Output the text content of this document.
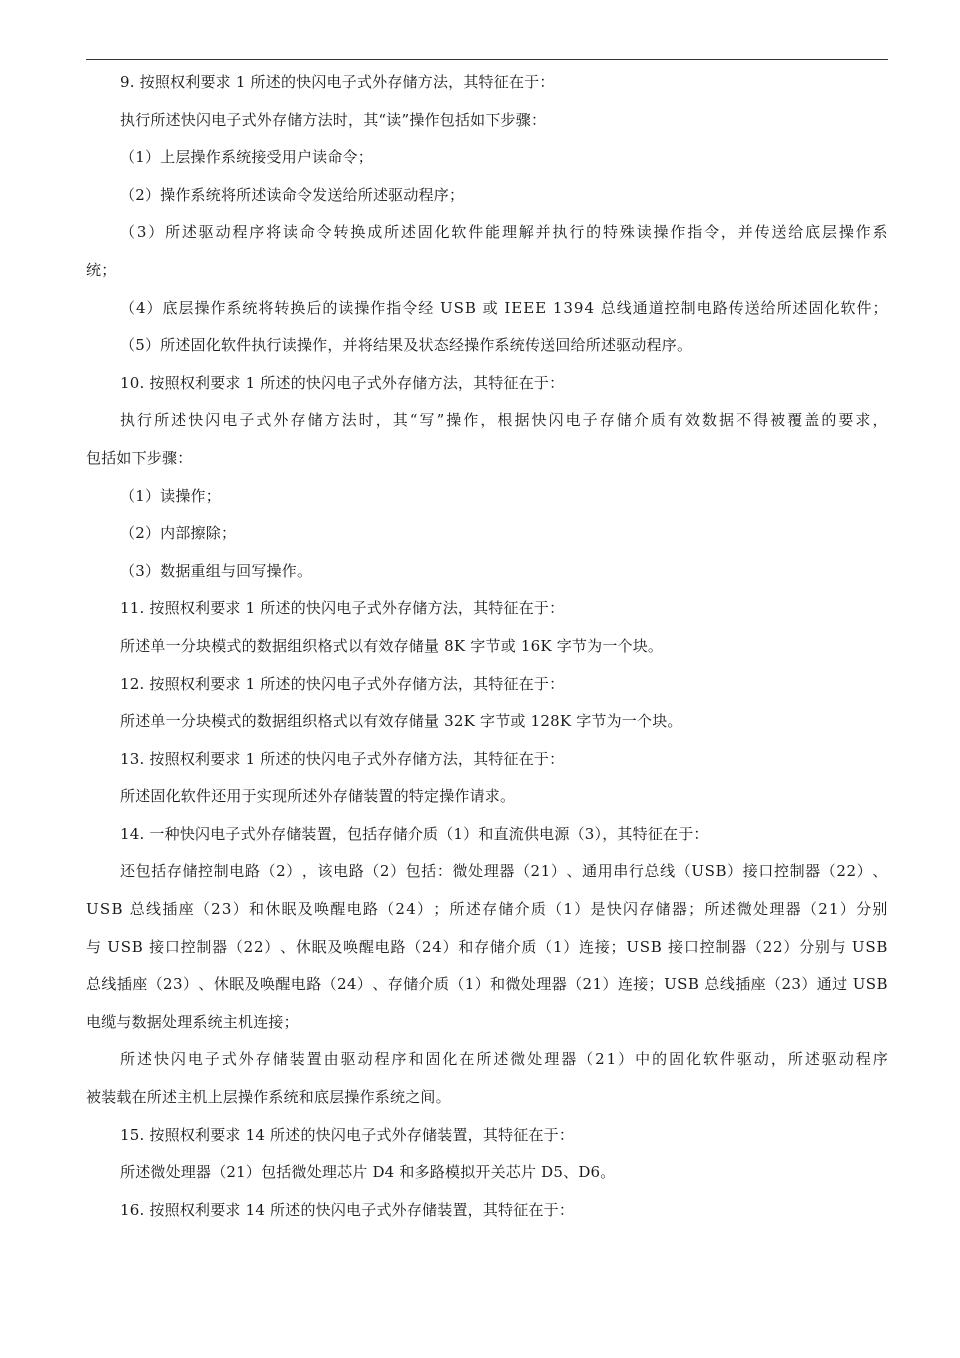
9. 按照权利要求 1 所述的快闪电子式外存储方法，其特征在于：
执行所述快闪电子式外存储方法时，其“读”操作包括如下步骤：
（1）上层操作系统接受用户读命令；
（2）操作系统将所述读命令发送给所述驱动程序；
（ 3 ） 所 述 驱 动 程 序 将 读 命 令 转 换 成 所 述 固 化 软 件 能 理 解 并 执 行 的 特 殊 读 操 作 指 令 ， 并 传 送 给 底 层 操 作 系
统；
（ 4 ） 底 层 操 作 系 统 将 转 换 后 的 读 操 作 指 令 经
U S B
或
I E E E
1 3 9 4
总 线 通 道 控 制 电 路 传 送 给 所 述 固 化 软 件 ；
（5）所述固化软件执行读操作，并将结果及状态经操作系统传送回给所述驱动程序。
10. 按照权利要求 1 所述的快闪电子式外存储方法，其特征在于：
执 行 所 述 快 闪 电 子 式 外 存 储 方 法 时 ， 其 “ 写 ” 操 作 ， 根 据 快 闪 电 子 存 储 介 质 有 效 数 据 不 得 被 覆 盖 的 要 求 ，
包括如下步骤：
（1）读操作；
（2）内部擦除；
（3）数据重组与回写操作。
11. 按照权利要求 1 所述的快闪电子式外存储方法，其特征在于：
所述单一分块模式的数据组织格式以有效存储量 8K 字节或 16K 字节为一个块。
12. 按照权利要求 1 所述的快闪电子式外存储方法，其特征在于：
所述单一分块模式的数据组织格式以有效存储量 32K 字节或 128K 字节为一个块。
13. 按照权利要求 1 所述的快闪电子式外存储方法，其特征在于：
所述固化软件还用于实现所述外存储装置的特定操作请求。
14. 一种快闪电子式外存储装置，包括存储介质（1）和直流供电源（3），其特征在于：
还 包 括 存 储 控 制 电 路 （ 2 ） ， 该 电 路 （ 2 ） 包 括 ： 微 处 理 器 （ 2 1 ） 、 通 用 串 行 总 线 （ U S B ） 接 口 控 制 器 （ 2 2 ） 、
U S B
总 线 插 座 （ 2 3 ） 和 休 眠 及 唤 醒 电 路 （ 2 4 ） ； 所 述 存 储 介 质 （ 1 ） 是 快 闪 存 储 器 ； 所 述 微 处 理 器 （ 2 1 ） 分 别
与
U S B
接 口 控 制 器 （ 2 2 ） 、 休 眠 及 唤 醒 电 路 （ 2 4 ） 和 存 储 介 质 （ 1 ） 连 接 ； U S B
接 口 控 制 器 （ 2 2 ） 分 别 与
U S B
总 线 插 座 （ 2 3 ） 、 休 眠 及 唤 醒 电 路 （ 2 4 ） 、 存 储 介 质 （ 1 ） 和 微 处 理 器 （ 2 1 ） 连 接 ； U S B
总 线 插 座 （ 2 3 ） 通 过
U S B
电缆与数据处理系统主机连接；
所 述 快 闪 电 子 式 外 存 储 装 置 由 驱 动 程 序 和 固 化 在 所 述 微 处 理 器 （ 2 1 ） 中 的 固 化 软 件 驱 动 ， 所 述 驱 动 程 序
被装载在所述主机上层操作系统和底层操作系统之间。
15. 按照权利要求 14 所述的快闪电子式外存储装置，其特征在于：
所述微处理器（21）包括微处理芯片 D4 和多路模拟开关芯片 D5、D6。
16. 按照权利要求 14 所述的快闪电子式外存储装置，其特征在于：
